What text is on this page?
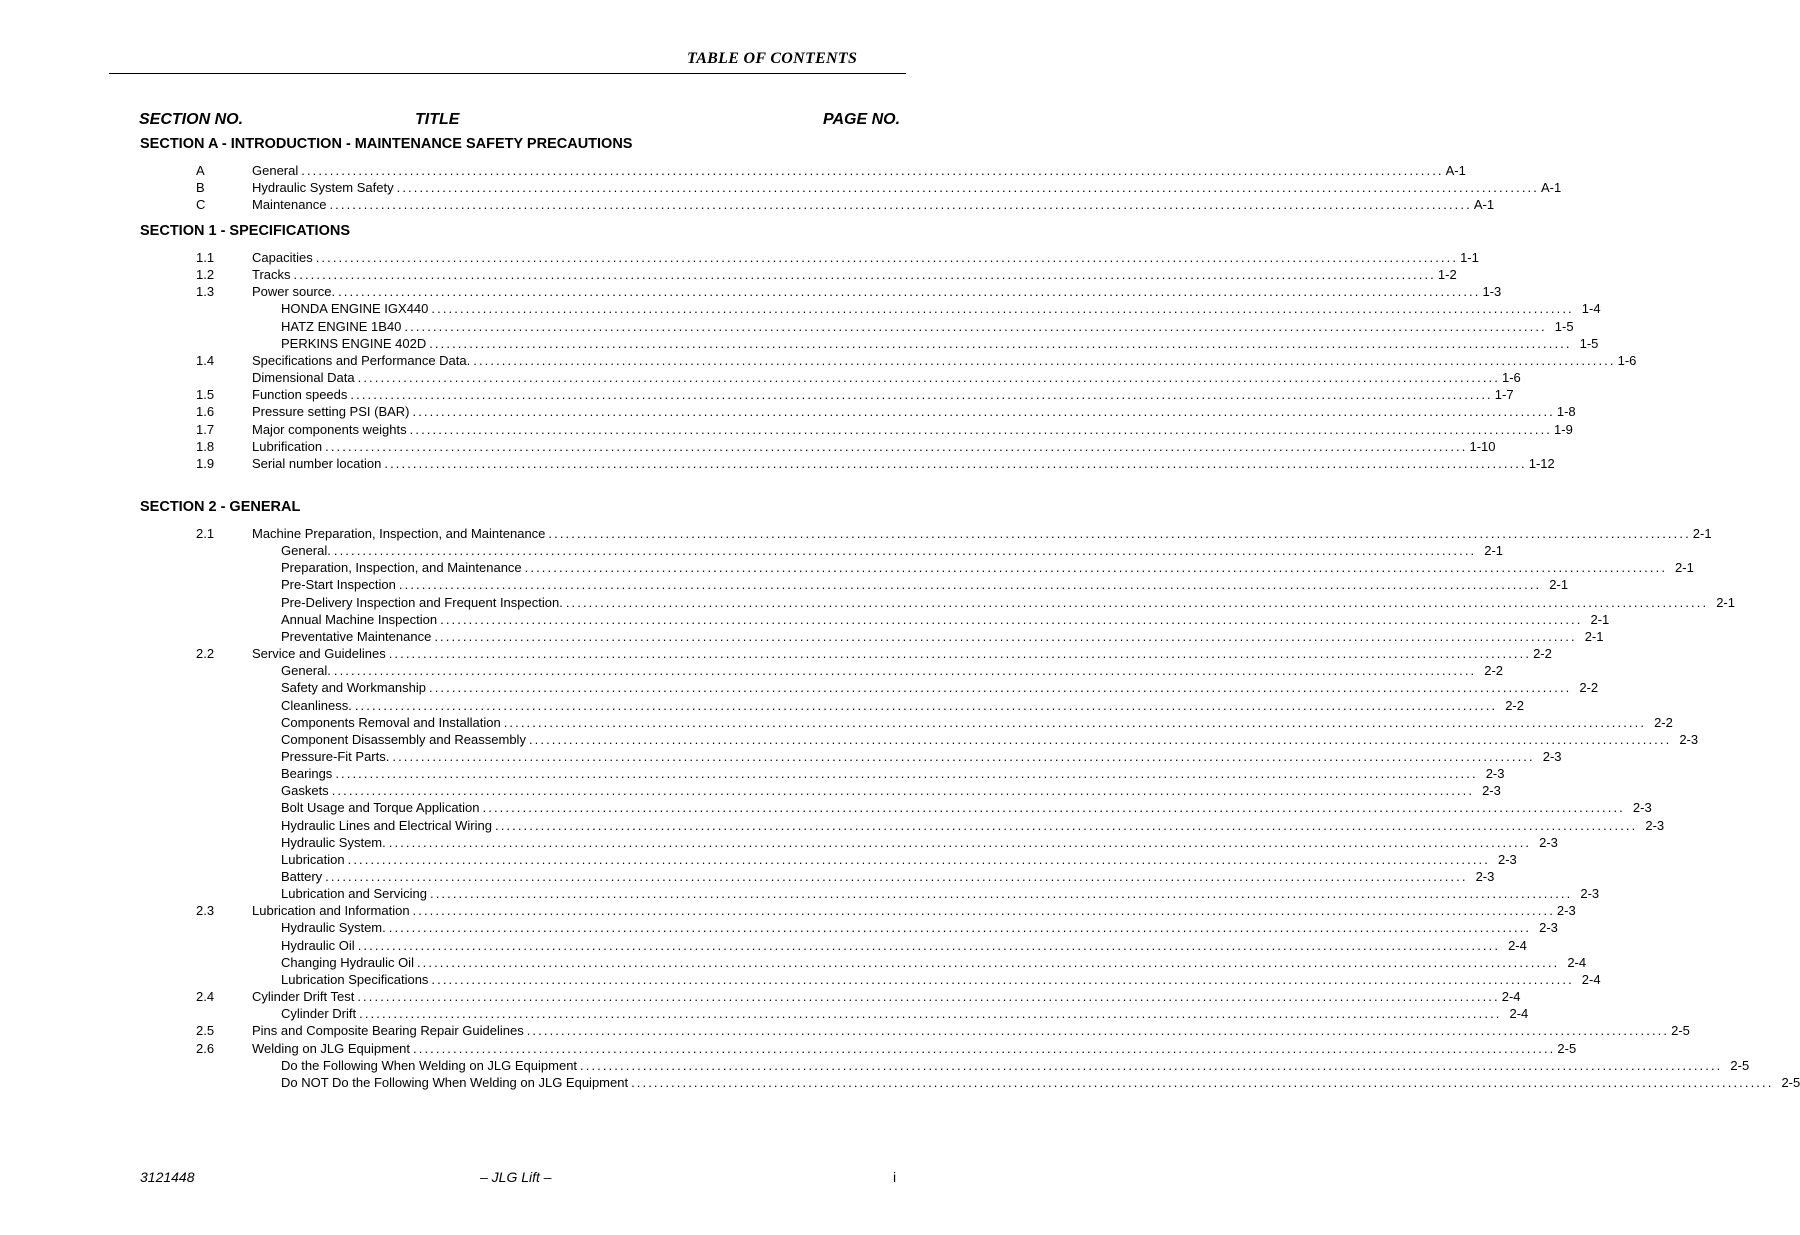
TABLE OF CONTENTS
SECTION NO.	TITLE	PAGE NO.
SECTION A - INTRODUCTION - MAINTENANCE SAFETY PRECAUTIONS
A	General ........................................................................................................................................................................................................ A-1
B	Hydraulic System Safety ........................................................................................................................................................................................................ A-1
C	Maintenance ........................................................................................................................................................................................................ A-1
SECTION 1 - SPECIFICATIONS
1.1	Capacities ........................................................................................................................................................................................................ 1-1
1.2	Tracks ........................................................................................................................................................................................................ 1-2
1.3	Power source. ........................................................................................................................................................................................................ 1-3
HONDA ENGINE IGX440 ........................................................................................................................................................................................................ 1-4
HATZ ENGINE 1B40 ........................................................................................................................................................................................................ 1-5
PERKINS ENGINE 402D ........................................................................................................................................................................................................ 1-5
1.4	Specifications and Performance Data. ........................................................................................................................................................................................................ 1-6
Dimensional Data ........................................................................................................................................................................................................ 1-6
1.5	Function speeds ........................................................................................................................................................................................................ 1-7
1.6	Pressure setting PSI (BAR) ........................................................................................................................................................................................................ 1-8
1.7	Major components weights ........................................................................................................................................................................................................ 1-9
1.8	Lubrification ........................................................................................................................................................................................................ 1-10
1.9	Serial number location ........................................................................................................................................................................................................ 1-12
SECTION 2 - GENERAL
2.1	Machine Preparation, Inspection, and Maintenance ........................................................................................................................................................................................................ 2-1
General. ........................................................................................................................................................................................................ 2-1
Preparation, Inspection, and Maintenance ........................................................................................................................................................................................................ 2-1
Pre-Start Inspection ........................................................................................................................................................................................................ 2-1
Pre-Delivery Inspection and Frequent Inspection. ........................................................................................................................................................................................................ 2-1
Annual Machine Inspection ........................................................................................................................................................................................................ 2-1
Preventative Maintenance ........................................................................................................................................................................................................ 2-1
2.2	Service and Guidelines ........................................................................................................................................................................................................ 2-2
General. ........................................................................................................................................................................................................ 2-2
Safety and Workmanship ........................................................................................................................................................................................................ 2-2
Cleanliness. ........................................................................................................................................................................................................ 2-2
Components Removal and Installation ........................................................................................................................................................................................................ 2-2
Component Disassembly and Reassembly ........................................................................................................................................................................................................ 2-3
Pressure-Fit Parts. ........................................................................................................................................................................................................ 2-3
Bearings ........................................................................................................................................................................................................ 2-3
Gaskets ........................................................................................................................................................................................................ 2-3
Bolt Usage and Torque Application ........................................................................................................................................................................................................ 2-3
Hydraulic Lines and Electrical Wiring ........................................................................................................................................................................................................ 2-3
Hydraulic System. ........................................................................................................................................................................................................ 2-3
Lubrication ........................................................................................................................................................................................................ 2-3
Battery ........................................................................................................................................................................................................ 2-3
Lubrication and Servicing ........................................................................................................................................................................................................ 2-3
2.3	Lubrication and Information ........................................................................................................................................................................................................ 2-3
Hydraulic System. ........................................................................................................................................................................................................ 2-3
Hydraulic Oil ........................................................................................................................................................................................................ 2-4
Changing Hydraulic Oil ........................................................................................................................................................................................................ 2-4
Lubrication Specifications ........................................................................................................................................................................................................ 2-4
2.4	Cylinder Drift Test ........................................................................................................................................................................................................ 2-4
Cylinder Drift ........................................................................................................................................................................................................ 2-4
2.5	Pins and Composite Bearing Repair Guidelines ........................................................................................................................................................................................................ 2-5
2.6	Welding on JLG Equipment ........................................................................................................................................................................................................ 2-5
Do the Following When Welding on JLG Equipment ........................................................................................................................................................................................................ 2-5
Do NOT Do the Following When Welding on JLG Equipment ........................................................................................................................................................................................................ 2-5
3121448	– JLG Lift –	i
